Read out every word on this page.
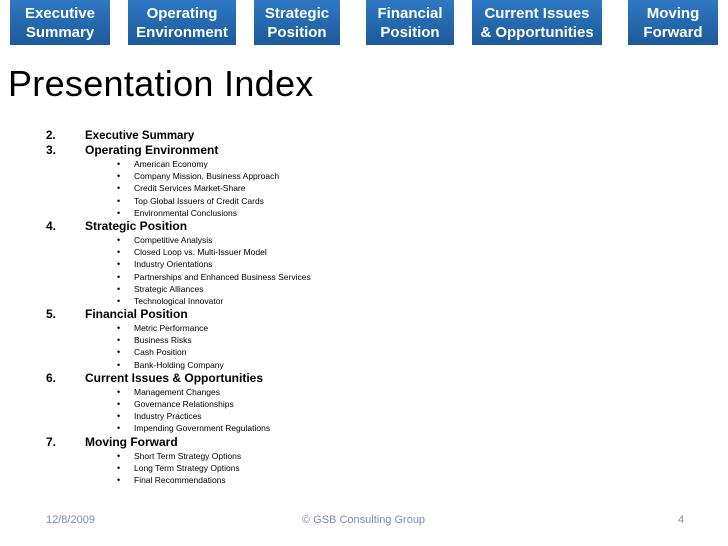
Executive
Summary
Operating
Environment
Strategic
Position
Financial
Position
Current Issues
& Opportunities
Moving
Forward
Presentation Index
2.	Executive Summary
3. Operating Environment
• American Economy
• Company Mission, Business Approach
• Credit Services Market-Share
• Top Global Issuers of Credit Cards
• Environmental Conclusions
4. Strategic Position
• Competitive Analysis
• Closed Loop vs. Multi-Issuer Model
• Industry Orientations
• Partnerships and Enhanced Business Services
• Strategic Alliances
• Technological Innovator
5. Financial Position
• Metric Performance
• Business Risks
• Cash Position
• Bank-Holding Company
6. Current Issues & Opportunities
• Management Changes
• Governance Relationships
• Industry Practices
• Impending Government Regulations
7. Moving Forward
• Short Term Strategy Options
• Long Term Strategy Options
• Final Recommendations
12/8/2009	© GSB Consulting Group	4
